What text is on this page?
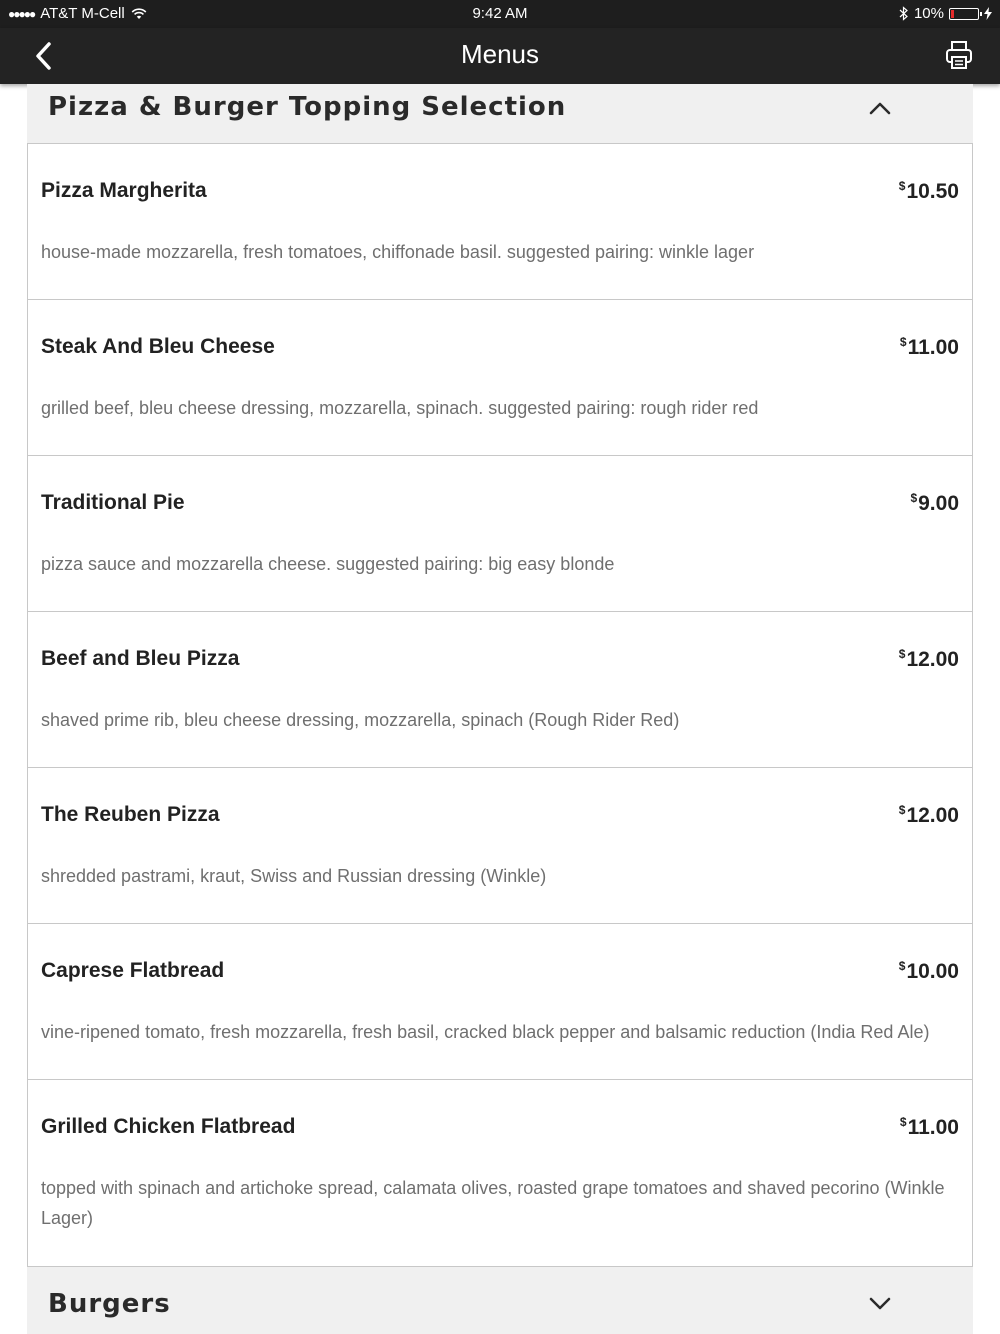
●●●●● AT&T M-Cell	9:42 AM	10%
Menus
Pizza & Burger Topping Selection
Pizza Margherita	$10.50
house-made mozzarella, fresh tomatoes, chiffonade basil. suggested pairing: winkle lager
Steak And Bleu Cheese	$11.00
grilled beef, bleu cheese dressing, mozzarella, spinach. suggested pairing: rough rider red
Traditional Pie	$9.00
pizza sauce and mozzarella cheese. suggested pairing: big easy blonde
Beef and Bleu Pizza	$12.00
shaved prime rib, bleu cheese dressing, mozzarella, spinach (Rough Rider Red)
The Reuben Pizza	$12.00
shredded pastrami, kraut, Swiss and Russian dressing (Winkle)
Caprese Flatbread	$10.00
vine-ripened tomato, fresh mozzarella, fresh basil, cracked black pepper and balsamic reduction (India Red Ale)
Grilled Chicken Flatbread	$11.00
topped with spinach and artichoke spread, calamata olives, roasted grape tomatoes and shaved pecorino (Winkle Lager)
Burgers
